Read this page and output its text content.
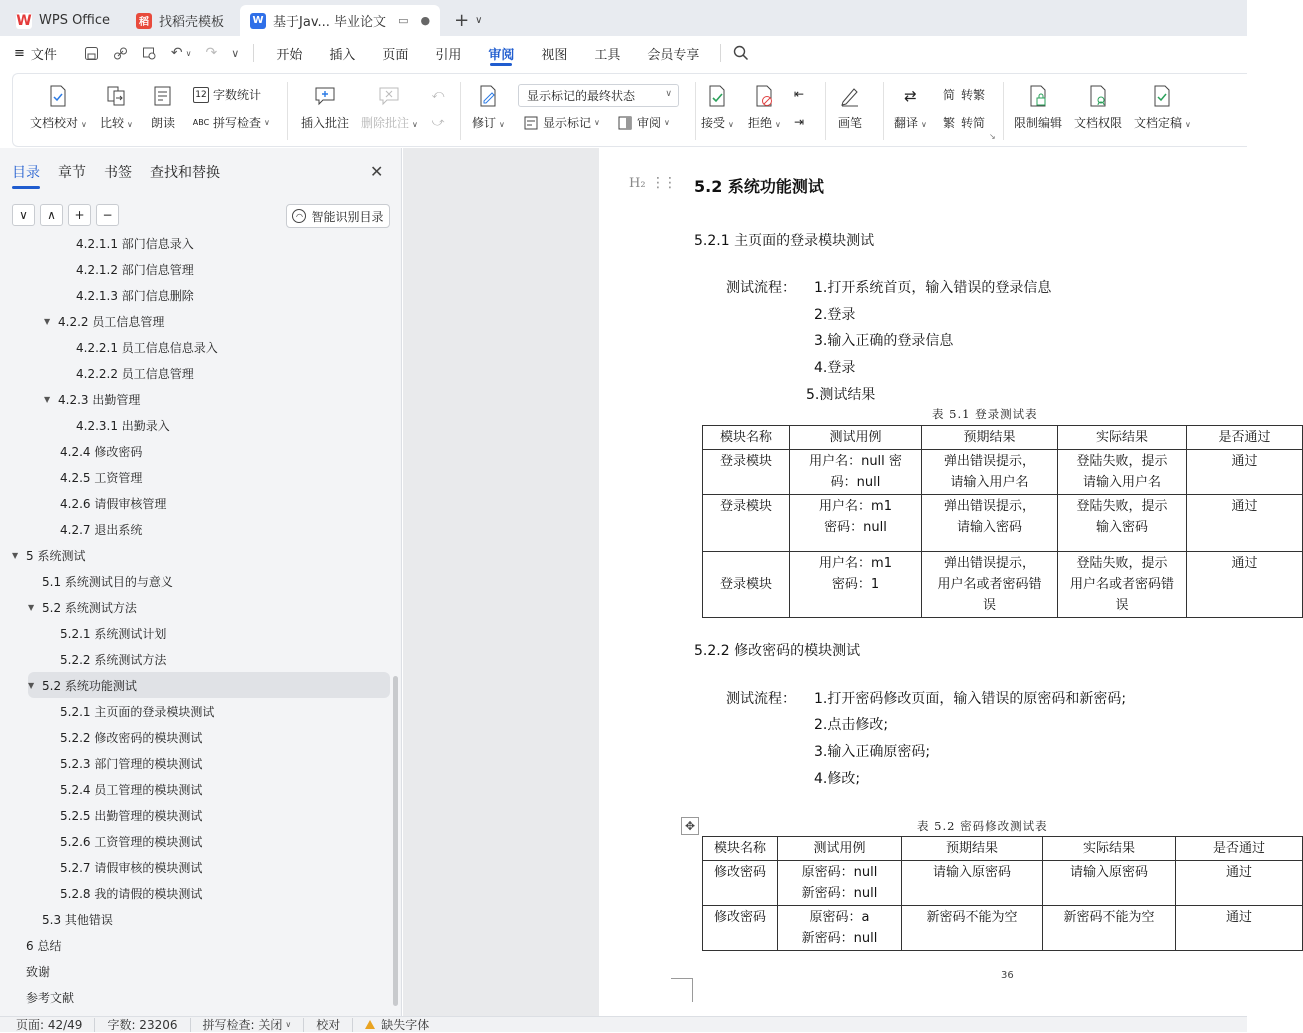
W WPS Office	稻 找稻壳模板	W 基于Jav... 毕业论文 ▭ ● + ∨
≡ 文件	↶ ∨ ↷ ∨	开始 插入 页面 引用 审阅 视图 工具 会员专享
文档校对 ∨ 比较 ∨ 朗读
12 字数统计
ABC 拼写检查 ∨	插入批注 删除批注 ∨
⤺
⤻ 修订 ∨
显示标记的最终状态	∨
显示标记 ∨	审阅 ∨	接受 ∨ 拒绝 ∨
⇤
⇥	画笔
⇄
翻译 ∨
简 转繁
繁 转简
↘
限制编辑 文档权限 文档定稿 ∨
目录 章节 书签 查找和替换	✕
∨	∧	+	−	◠ 智能识别目录
4.2.1.1 部门信息录入
4.2.1.2 部门信息管理
4.2.1.3 部门信息删除
▼ 4.2.2 员工信息管理
4.2.2.1 员工信息信息录入
4.2.2.2 员工信息管理
▼ 4.2.3 出勤管理
4.2.3.1 出勤录入
4.2.4 修改密码
4.2.5 工资管理
4.2.6 请假审核管理
4.2.7 退出系统
▼ 5 系统测试
5.1 系统测试目的与意义
▼ 5.2 系统测试方法
5.2.1 系统测试计划
5.2.2 系统测试方法
▼ 5.2 系统功能测试
5.2.1 主页面的登录模块测试
5.2.2 修改密码的模块测试
5.2.3 部门管理的模块测试
5.2.4 员工管理的模块测试
5.2.5 出勤管理的模块测试
5.2.6 工资管理的模块测试
5.2.7 请假审核的模块测试
5.2.8 我的请假的模块测试
5.3 其他错误
6 总结
致谢
参考文献
H₂ ⋮⋮ 5.2 系统功能测试
5.2.1 主页面的登录模块测试
测试流程： 1.打开系统首页，输入错误的登录信息
2.登录
3.输入正确的登录信息
4.登录
5.测试结果
表 5.1 登录测试表
模块名称	测试用例	预期结果	实际结果	是否通过
登录模块	用户名：null 密
码：null	弹出错误提示，
请输入用户名	登陆失败，提示
请输入用户名	通过
登录模块	用户名：m1
密码：null	弹出错误提示，
请输入密码	登陆失败，提示
输入密码	通过
登录模块	用户名：m1
密码：1	弹出错误提示，
用户名或者密码错
误	登陆失败，提示
用户名或者密码错
误	通过
5.2.2 修改密码的模块测试
测试流程： 1.打开密码修改页面，输入错误的原密码和新密码;
2.点击修改;
3.输入正确原密码;
4.修改;
✥	表 5.2 密码修改测试表
模块名称	测试用例	预期结果	实际结果	是否通过
修改密码	原密码：null
新密码：null	请输入原密码	请输入原密码	通过
修改密码	原密码：a
新密码：null	新密码不能为空	新密码不能为空	通过
36
页面: 42/49	字数: 23206	拼写检查: 关闭 ∨	校对	缺失字体
